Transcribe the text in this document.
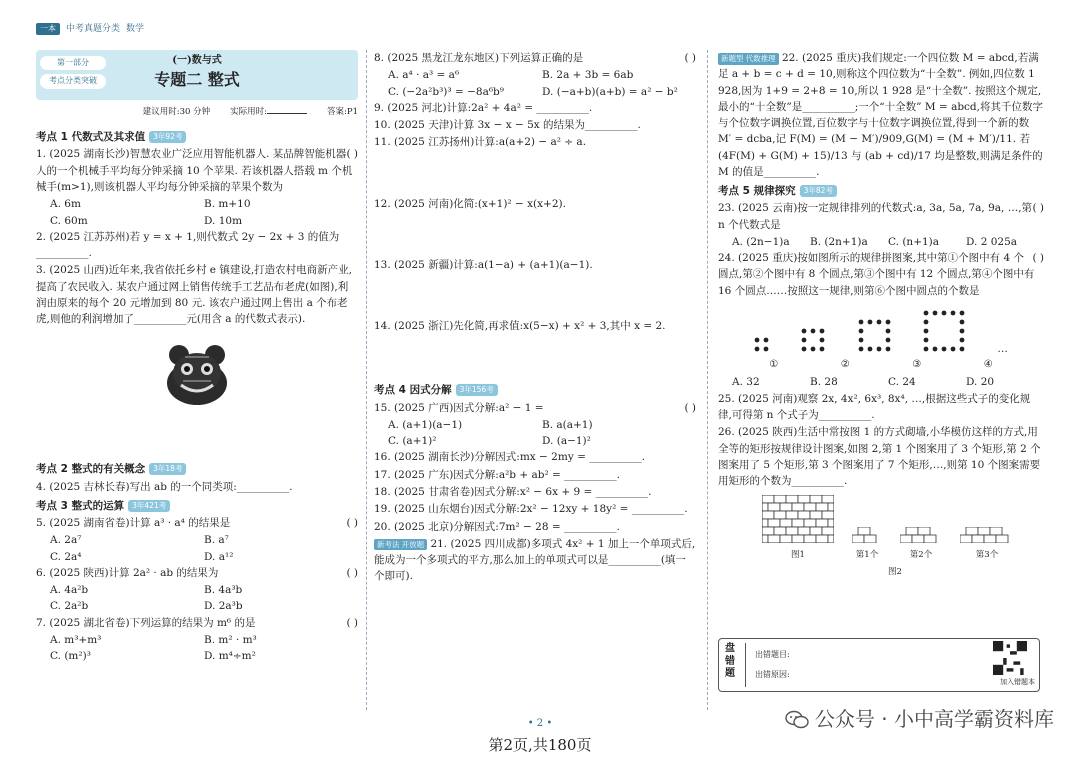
一本	中考真题分类 数学
第一部分
考点分类突破
(一)数与式
专题二 整式
建议用时:30 分钟 实际用时:	答案:P1
考点 1 代数式及其求值 3年92考
( )
1. (2025 湖南长沙)智慧农业广泛应用智能机器人. 某品牌智能机器人的一个机械手平均每分钟采摘 10 个苹果. 若该机器人搭载 m 个机械手(m>1),则该机器人平均每分钟采摘的苹果个数为
A. 6m	B. m+10
C. 60m	D. 10m
2. (2025 江苏苏州)若 y = x + 1,则代数式 2y − 2x + 3 的值为__________.
3. (2025 山西)近年来,我省依托乡村 e 镇建设,打造农村电商新产业,提高了农民收入. 某农户通过网上销售传统手工艺品布老虎(如图),利润由原来的每个 20 元增加到 80 元. 该农户通过网上售出 a 个布老虎,则他的利润增加了__________元(用含 a 的代数式表示).
考点 2 整式的有关概念 3年18考
4. (2025 吉林长春)写出 ab 的一个同类项:__________.
考点 3 整式的运算 3年421考
( )
5. (2025 湖南省卷)计算 a³ · a⁴ 的结果是
A. 2a⁷	B. a⁷
C. 2a⁴	D. a¹²
( )
6. (2025 陕西)计算 2a² · ab 的结果为
A. 4a²b	B. 4a³b
C. 2a²b	D. 2a³b
( )
7. (2025 湖北省卷)下列运算的结果为 m⁶ 的是
A. m³+m³	B. m² · m³
C. (m²)³	D. m⁴÷m²
( )
8. (2025 黑龙江龙东地区)下列运算正确的是
A. a⁴ · a³ = a⁶	B. 2a + 3b = 6ab
C. (−2a²b³)³ = −8a⁶b⁹	D. (−a+b)(a+b) = a² − b²
9. (2025 河北)计算:2a² + 4a² = __________.
10. (2025 天津)计算 3x − x − 5x 的结果为__________.
11. (2025 江苏扬州)计算:a(a+2) − a² ÷ a.
12. (2025 河南)化简:(x+1)² − x(x+2).
13. (2025 新疆)计算:a(1−a) + (a+1)(a−1).
14. (2025 浙江)先化简,再求值:x(5−x) + x² + 3,其中 x = 2.
考点 4 因式分解 3年156考
( )
15. (2025 广西)因式分解:a² − 1 =
A. (a+1)(a−1)	B. a(a+1)
C. (a+1)²	D. (a−1)²
16. (2025 湖南长沙)分解因式:mx − 2my = __________.
17. (2025 广东)因式分解:a²b + ab² = __________.
18. (2025 甘肃省卷)因式分解:x² − 6x + 9 = __________.
19. (2025 山东烟台)因式分解:2x² − 12xy + 18y² = __________.
20. (2025 北京)分解因式:7m² − 28 = __________.
新考法 开放题 21. (2025 四川成都)多项式 4x² + 1 加上一个单项式后,能成为一个多项式的平方,那么加上的单项式可以是__________(填一个即可).
新题型 代数推理 22. (2025 重庆)我们规定:一个四位数 M = abcd,若满足 a + b = c + d = 10,则称这个四位数为“十全数”. 例如,四位数 1 928,因为 1+9 = 2+8 = 10,所以 1 928 是“十全数”. 按照这个规定,最小的“十全数”是__________;一个“十全数” M = abcd,将其千位数字与个位数字调换位置,百位数字与十位数字调换位置,得到一个新的数 M′ = dcba,记 F(M) = (M − M′)/909,G(M) = (M + M′)/11. 若 (4F(M) + G(M) + 15)/13 与 (ab + cd)/17 均是整数,则满足条件的 M 的值是__________.
考点 5 规律探究 3年82考
( )
23. (2025 云南)按一定规律排列的代数式:a, 3a, 5a, 7a, 9a, …,第 n 个代数式是
A. (2n−1)a	B. (2n+1)a	C. (n+1)a	D. 2 025a
( )
24. (2025 重庆)按如图所示的规律拼图案,其中第①个图中有 4 个圆点,第②个图中有 8 个圆点,第③个图中有 12 个圆点,第④个图中有 16 个圆点……按照这一规律,则第⑥个图中圆点的个数是
…
①	②	③	④
A. 32	B. 28	C. 24	D. 20
25. (2025 河南)观察 2x, 4x², 6x³, 8x⁴, …,根据这些式子的变化规律,可得第 n 个式子为__________.
26. (2025 陕西)生活中常按图 1 的方式砌墙,小华模仿这样的方式,用全等的矩形按规律设计图案,如图 2,第 1 个图案用了 3 个矩形,第 2 个图案用了 5 个矩形,第 3 个图案用了 7 个矩形,…,则第 10 个图案需要用矩形的个数为__________.
图1	第1个	第2个	第3个
图2
盘错题
出错题目:
出错原因:
加入错题本
• 2 •
第2页,共180页
公众号 · 小中高学霸资料库
